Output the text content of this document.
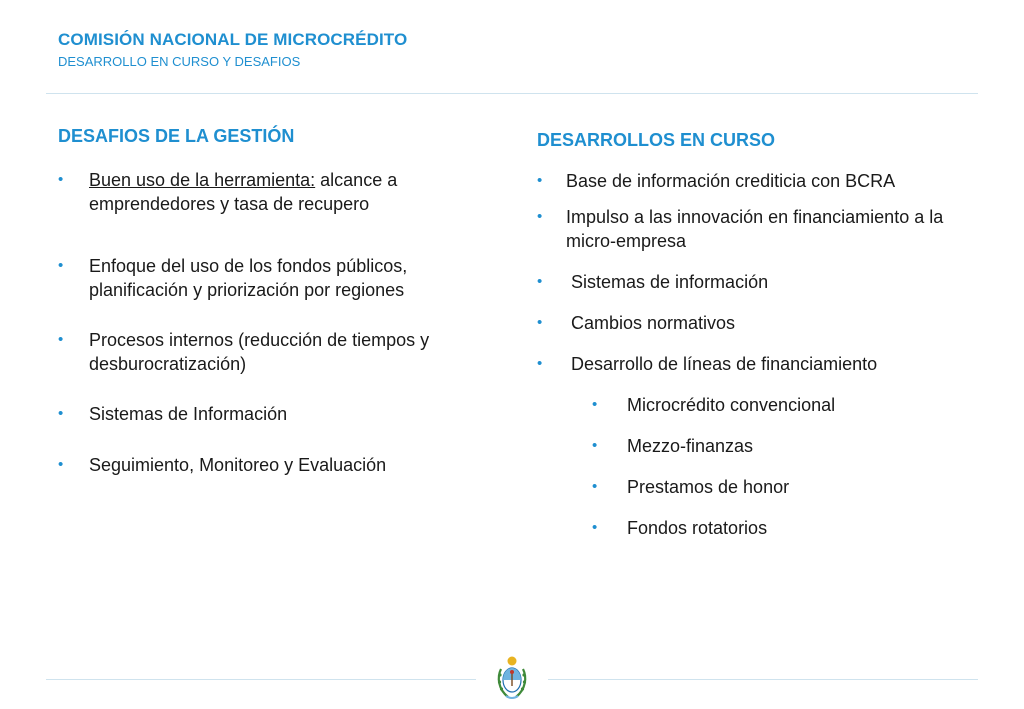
COMISIÓN NACIONAL DE MICROCRÉDITO
DESARROLLO EN CURSO Y DESAFIOS
DESAFIOS DE LA GESTIÓN
• Buen uso de la herramienta: alcance a emprendedores y tasa de recupero
• Enfoque del uso de los fondos públicos, planificación y priorización por regiones
• Procesos internos (reducción de tiempos y desburocratización)
• Sistemas de Información
• Seguimiento, Monitoreo y Evaluación
DESARROLLOS EN CURSO
• Base de información crediticia con BCRA
• Impulso a las innovación en financiamiento a la micro-empresa
• Sistemas de información
• Cambios normativos
• Desarrollo de líneas de financiamiento
• Microcrédito convencional
• Mezzo-finanzas
• Prestamos de honor
• Fondos rotatorios
